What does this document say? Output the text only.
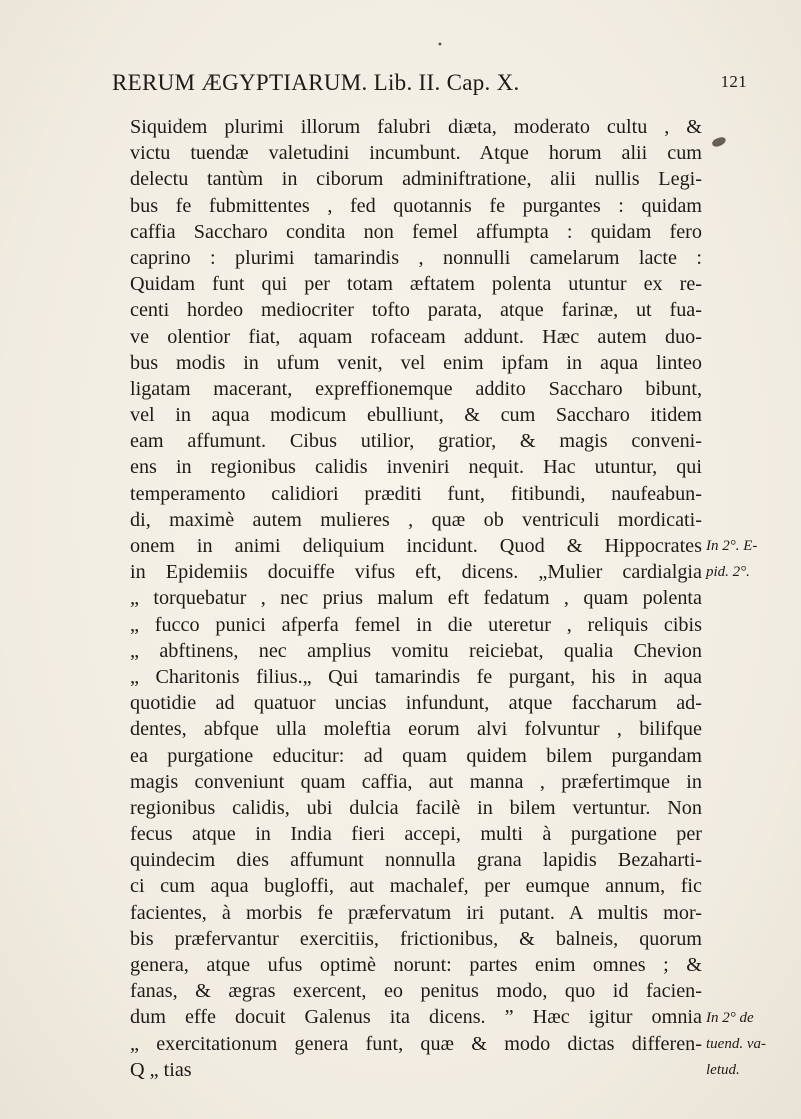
•
RERUM ÆGYPTIARUM. Lib. II. Cap. X.	121
Siquidem plurimi illorum falubri diæta, moderato cultu , &
victu tuendæ valetudini incumbunt. Atque horum alii cum
delectu tantùm in ciborum adminiftratione, alii nullis Legi-
bus fe fubmittentes , fed quotannis fe purgantes : quidam
caffia Saccharo condita non femel affumpta : quidam fero
caprino : plurimi tamarindis , nonnulli camelarum lacte :
Quidam funt qui per totam æftatem polenta utuntur ex re-
centi hordeo mediocriter tofto parata, atque farinæ, ut fua-
ve olentior fiat, aquam rofaceam addunt. Hæc autem duo-
bus modis in ufum venit, vel enim ipfam in aqua linteo
ligatam macerant, expreffionemque addito Saccharo bibunt,
vel in aqua modicum ebulliunt, & cum Saccharo itidem
eam affumunt. Cibus utilior, gratior, & magis conveni-
ens in regionibus calidis inveniri nequit. Hac utuntur, qui
temperamento calidiori præditi funt, fitibundi, naufeabun-
di, maximè autem mulieres , quæ ob ventriculi mordicati-
onem in animi deliquium incidunt. Quod & Hippocrates
in Epidemiis docuiffe vifus eft, dicens. „Mulier cardialgia
„ torquebatur , nec prius malum eft fedatum , quam polenta
„ fucco punici afperfa femel in die uteretur , reliquis cibis
„ abftinens, nec amplius vomitu reiciebat, qualia Chevion
„ Charitonis filius.„ Qui tamarindis fe purgant, his in aqua
quotidie ad quatuor uncias infundunt, atque faccharum ad-
dentes, abfque ulla moleftia eorum alvi folvuntur , bilifque
ea purgatione educitur: ad quam quidem bilem purgandam
magis conveniunt quam caffia, aut manna , præfertimque in
regionibus calidis, ubi dulcia facilè in bilem vertuntur. Non
fecus atque in India fieri accepi, multi à purgatione per
quindecim dies affumunt nonnulla grana lapidis Bezaharti-
ci cum aqua bugloffi, aut machalef, per eumque annum, fic
facientes, à morbis fe præfervatum iri putant. A multis mor-
bis præfervantur exercitiis, frictionibus, & balneis, quorum
genera, atque ufus optimè norunt: partes enim omnes ; &
fanas, & ægras exercent, eo penitus modo, quo id facien-
dum effe docuit Galenus ita dicens. ” Hæc igitur omnia
„ exercitationum genera funt, quæ & modo dictas differen-
Q „ tias
In 2°. E-
pid. 2°.
In 2° de
tuend. va-
letud.
